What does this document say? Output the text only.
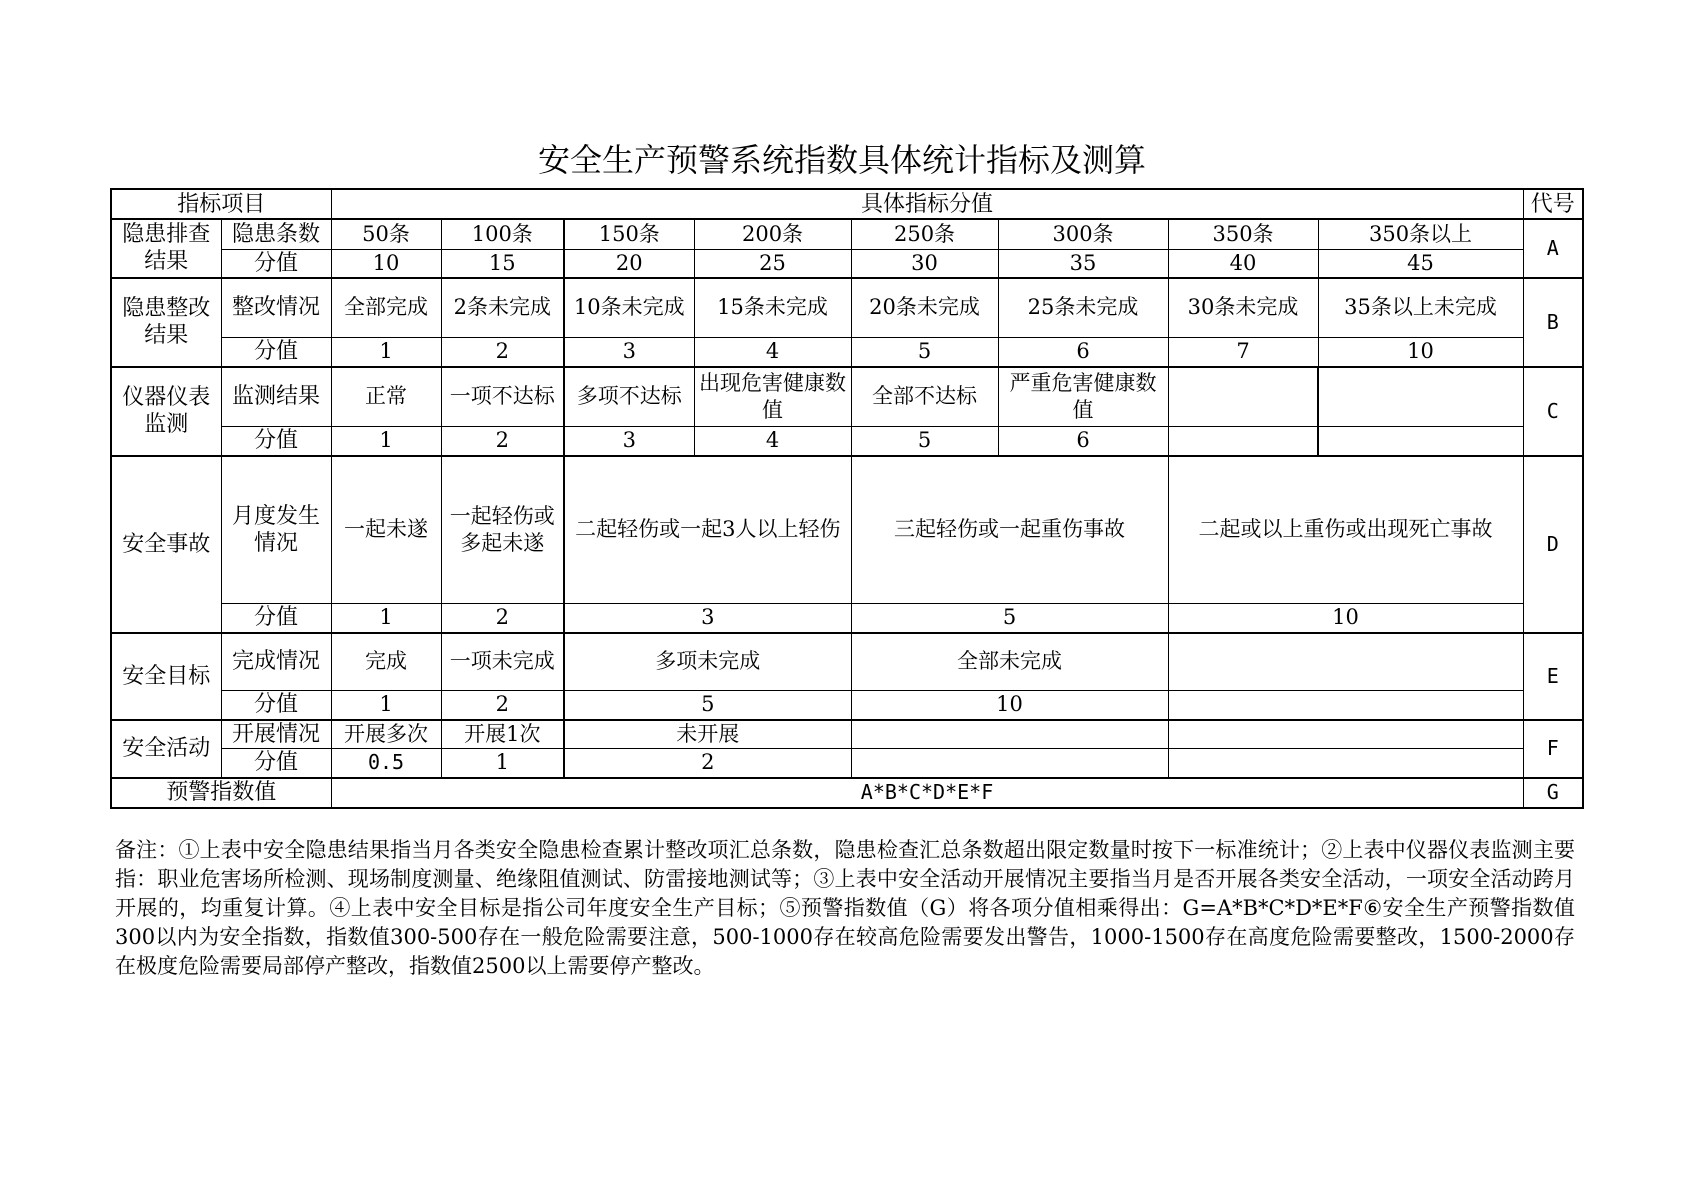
安全生产预警系统指数具体统计指标及测算
指标项目		具体指标分值								代号
隐患排查结果	隐患条数	50条	100条	150条	200条	250条	300条	350条	350条以上	A
	分值	10	15	20	25	30	35	40	45	
隐患整改结果	整改情况	全部完成	2条未完成	10条未完成	15条未完成	20条未完成	25条未完成	30条未完成	35条以上未完成	B
	分值	1	2	3	4	5	6	7	10	
仪器仪表监测	监测结果	正常	一项不达标	多项不达标	出现危害健康数值	全部不达标	严重危害健康数值			C
	分值	1	2	3	4	5	6			
安全事故	月度发生情况	一起未遂	一起轻伤或多起未遂	二起轻伤或一起3人以上轻伤		三起轻伤或一起重伤事故		二起或以上重伤或出现死亡事故		D
	分值	1	2	3		5		10		
安全目标	完成情况	完成	一项未完成	多项未完成		全部未完成				E
	分值	1	2	5		10				
安全活动	开展情况	开展多次	开展1次	未开展						F
	分值	0.5	1	2						
预警指数值		A*B*C*D*E*F								G
备注：①上表中安全隐患结果指当月各类安全隐患检查累计整改项汇总条数，隐患检查汇总条数超出限定数量时按下一标准统计；②上表中仪器仪表监测主要指：职业危害场所检测、现场制度测量、绝缘阻值测试、防雷接地测试等；③上表中安全活动开展情况主要指当月是否开展各类安全活动，一项安全活动跨月开展的，均重复计算。④上表中安全目标是指公司年度安全生产目标；⑤预警指数值（G）将各项分值相乘得出：G=A*B*C*D*E*F⑥安全生产预警指数值300以内为安全指数，指数值300-500存在一般危险需要注意，500-1000存在较高危险需要发出警告，1000-1500存在高度危险需要整改，1500-2000存在极度危险需要局部停产整改，指数值2500以上需要停产整改。
